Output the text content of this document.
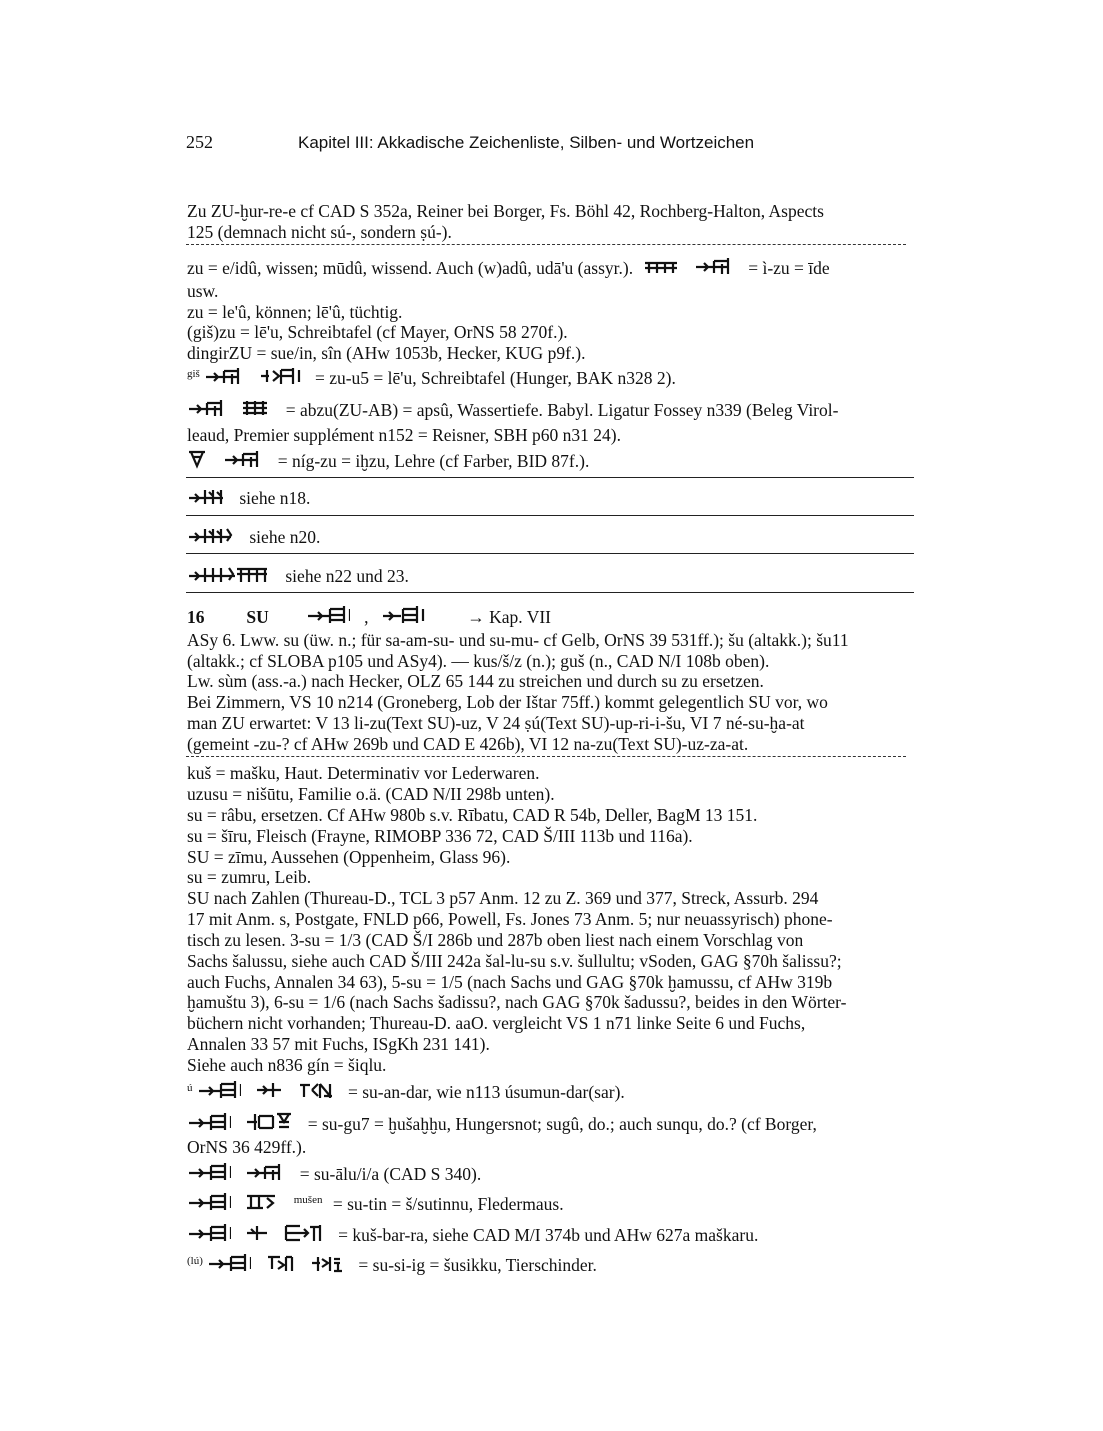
252	Kapitel III: Akkadische Zeichenliste, Silben- und Wortzeichen
Zu ZU-ḫur-re-e cf CAD S 352a, Reiner bei Borger, Fs. Böhl 42, Rochberg-Halton, Aspects
125 (demnach nicht sú-, sondern ṣú-).
zu = e/idû, wissen; mūdû, wissend. Auch (w)adû, udā'u (assyr.).
	= ì-zu = īde
usw.
zu = le'û, können; lē'û, tüchtig.
(giš)zu = lē'u, Schreibtafel (cf Mayer, OrNS 58 270f.).
dingirZU = sue/in, sîn (AHw 1053b, Hecker, KUG p9f.).
$^{giš}$
	= zu-u5 = lē'u, Schreibtafel (Hunger, BAK n328 2).

= abzu(ZU-AB) = apsû, Wassertiefe. Babyl. Ligatur Fossey n339 (Beleg Virol-
leaud, Premier supplément n152 = Reisner, SBH p60 n31 24).

= níg-zu = iḫzu, Lehre (cf Farber, BID 87f.).
siehe n18.
siehe n20.
siehe n22 und 23.
16 SU	,	→ Kap. VII
ASy 6. Lww. su (üw. n.; für sa-am-su- und su-mu- cf Gelb, OrNS 39 531ff.); šu (altakk.); šu11
(altakk.; cf SLOBA p105 und ASy4). — kus/š/z (n.); guš (n., CAD N/I 108b oben).
Lw. sùm (ass.-a.) nach Hecker, OLZ 65 144 zu streichen und durch su zu ersetzen.
Bei Zimmern, VS 10 n214 (Groneberg, Lob der Ištar 75ff.) kommt gelegentlich SU vor, wo
man ZU erwartet: V 13 li-zu(Text SU)-uz, V 24 ṣú(Text SU)-up-ri-i-šu, VI 7 né-su-ḫa-at
(gemeint -zu-? cf AHw 269b und CAD E 426b), VI 12 na-zu(Text SU)-uz-za-at.
kuš = mašku, Haut. Determinativ vor Lederwaren.
uzusu = nišūtu, Familie o.ä. (CAD N/II 298b unten).
su = râbu, ersetzen. Cf AHw 980b s.v. Rībatu, CAD R 54b, Deller, BagM 13 151.
su = šīru, Fleisch (Frayne, RIMOBP 336 72, CAD Š/III 113b und 116a).
SU = zīmu, Aussehen (Oppenheim, Glass 96).
su = zumru, Leib.
SU nach Zahlen (Thureau-D., TCL 3 p57 Anm. 12 zu Z. 369 und 377, Streck, Assurb. 294
17 mit Anm. s, Postgate, FNLD p66, Powell, Fs. Jones 73 Anm. 5; nur neuassyrisch) phone-
tisch zu lesen. 3-su = 1/3 (CAD Š/I 286b und 287b oben liest nach einem Vorschlag von
Sachs šalussu, siehe auch CAD Š/III 242a šal-lu-su s.v. šullultu; vSoden, GAG §70h šalissu?;
auch Fuchs, Annalen 34 63), 5-su = 1/5 (nach Sachs und GAG §70k ḫamussu, cf AHw 319b
ḫamuštu 3), 6-su = 1/6 (nach Sachs šadissu?, nach GAG §70k šadussu?, beides in den Wörter-
büchern nicht vorhanden; Thureau-D. aaO. vergleicht VS 1 n71 linke Seite 6 und Fuchs,
Annalen 33 57 mit Fuchs, ISgKh 231 141).
Siehe auch n836 gín = šiqlu.
$^ú$

	= su-an-dar, wie n113 úsumun-dar(sar).

= su-gu7 = ḫušaḫḫu, Hungersnot; sugû, do.; auch sunqu, do.? (cf Borger,
OrNS 36 429ff.).

= su-ālu/i/a (CAD S 340).

$^{mušen}$ = su-tin = š/sutinnu, Fledermaus.

= kuš-bar-ra, siehe CAD M/I 374b und AHw 627a maškaru.
$^{(lú)}$

	= su-si-ig = šusikku, Tierschinder.
